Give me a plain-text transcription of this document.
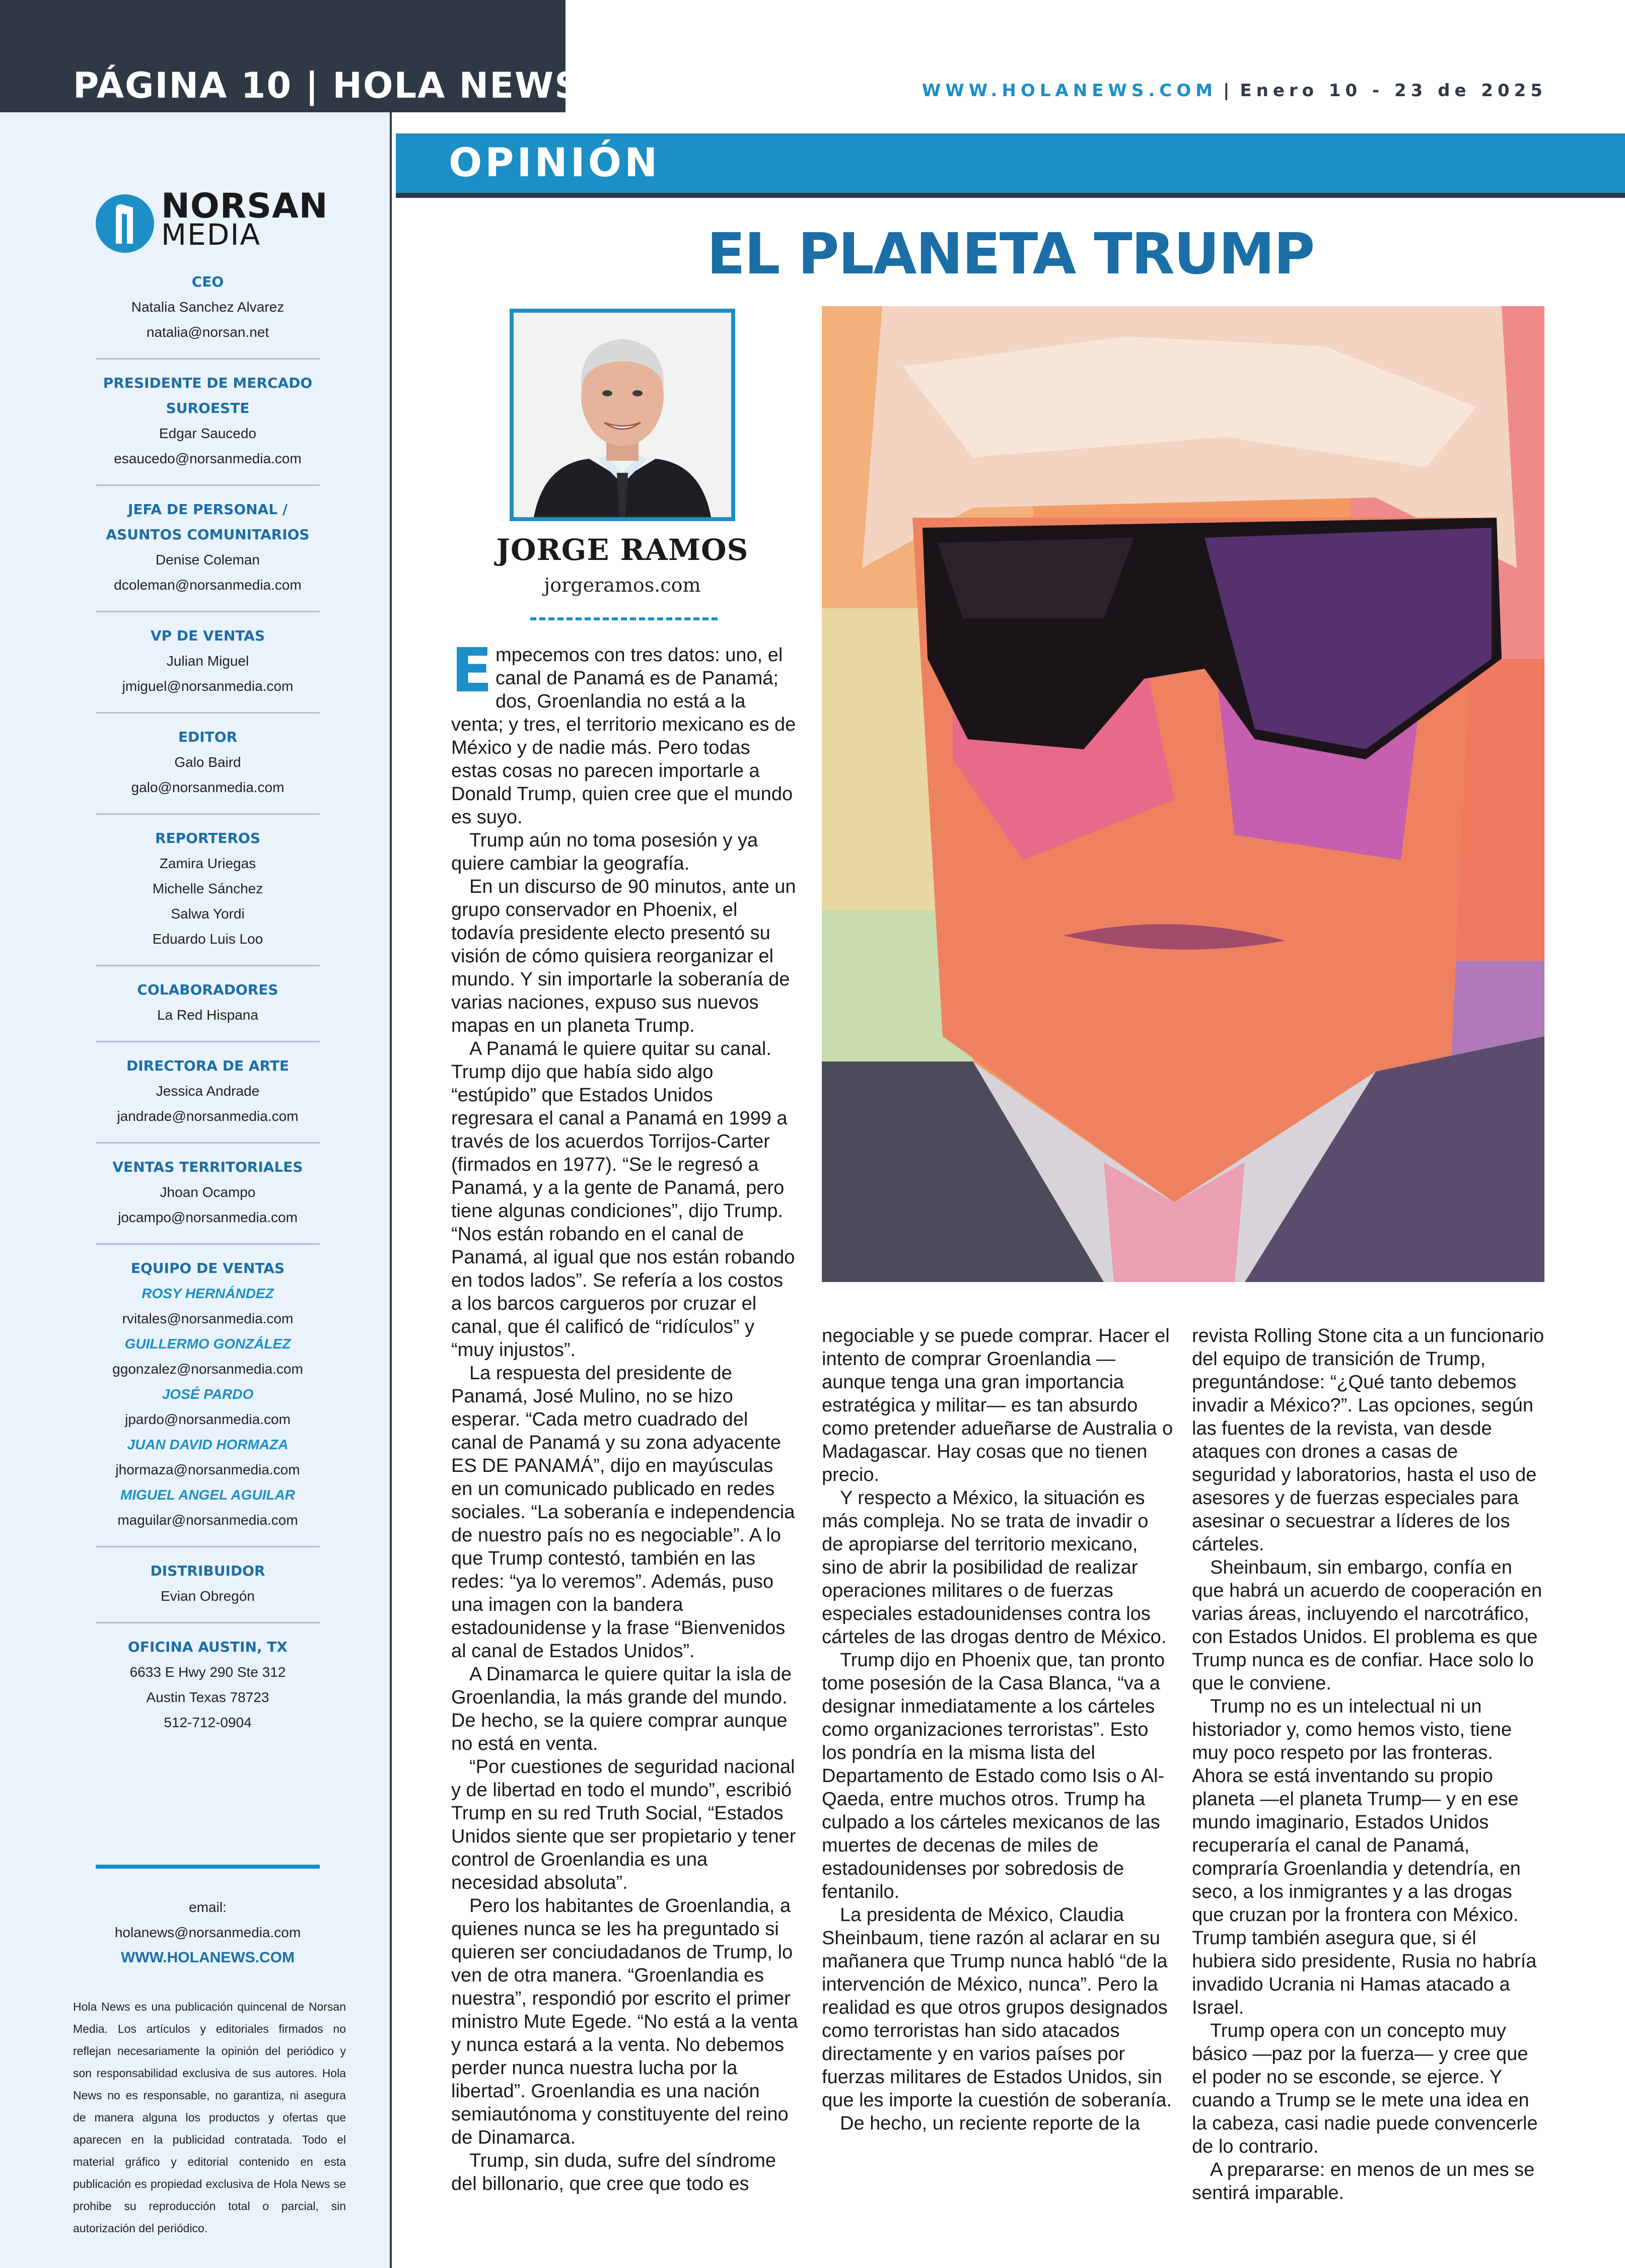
PÁGINA 10 | HOLA NEWS	WWW.HOLANEWS.COM | Enero 10 - 23 de 2025
NORSAN
MEDIA
CEO
Natalia Sanchez Alvarez
natalia@norsan.net
PRESIDENTE DE MERCADO SUROESTE
Edgar Saucedo
esaucedo@norsanmedia.com
JEFA DE PERSONAL / ASUNTOS COMUNITARIOS
Denise Coleman
dcoleman@norsanmedia.com
VP DE VENTAS
Julian Miguel
jmiguel@norsanmedia.com
EDITOR
Galo Baird
galo@norsanmedia.com
REPORTEROS
Zamira Uriegas
Michelle Sánchez
Salwa Yordi
Eduardo Luis Loo
COLABORADORES
La Red Hispana
DIRECTORA DE ARTE
Jessica Andrade
jandrade@norsanmedia.com
VENTAS TERRITORIALES
Jhoan Ocampo
jocampo@norsanmedia.com
EQUIPO DE VENTAS
ROSY HERNÁNDEZ
rvitales@norsanmedia.com
GUILLERMO GONZÁLEZ
ggonzalez@norsanmedia.com
JOSÉ PARDO
jpardo@norsanmedia.com
JUAN DAVID HORMAZA
jhormaza@norsanmedia.com
MIGUEL ANGEL AGUILAR
maguilar@norsanmedia.com
DISTRIBUIDOR
Evian Obregón
OFICINA AUSTIN, TX
6633 E Hwy 290 Ste 312
Austin Texas 78723
512-712-0904
email: holanews@norsanmedia.com
WWW.HOLANEWS.COM
Hola News es una publicación quincenal de Norsan Media. Los artículos y editoriales firmados no reflejan necesariamente la opinión del periódico y son responsabilidad exclusiva de sus autores. Hola News no es responsable, no garantiza, ni asegura de manera alguna los productos y ofertas que aparecen en la publicidad contratada. Todo el material gráfico y editorial contenido en esta publicación es propiedad exclusiva de Hola News se prohibe su reproducción total o parcial, sin autorización del periódico.
OPINIÓN
EL PLANETA TRUMP
JORGE RAMOS
jorgeramos.com

Empecemos con tres datos: uno, el canal de Panamá es de Panamá; dos, Groenlandia no está a la venta; y tres, el territorio mexicano es de México y de nadie más. Pero todas estas cosas no parecen importarle a Donald Trump, quien cree que el mundo es suyo.

Trump aún no toma posesión y ya quiere cambiar la geografía.

En un discurso de 90 minutos, ante un grupo conservador en Phoenix, el todavía presidente electo presentó su visión de cómo quisiera reorganizar el mundo. Y sin importarle la soberanía de varias naciones, expuso sus nuevos mapas en un planeta Trump.

A Panamá le quiere quitar su canal. Trump dijo que había sido algo “estúpido” que Estados Unidos regresara el canal a Panamá en 1999 a través de los acuerdos Torrijos-Carter (firmados en 1977). “Se le regresó a Panamá, y a la gente de Panamá, pero tiene algunas condiciones”, dijo Trump. “Nos están robando en el canal de Panamá, al igual que nos están robando en todos lados”. Se refería a los costos a los barcos cargueros por cruzar el canal, que él calificó de “ridículos” y “muy injustos”.

La respuesta del presidente de Panamá, José Mulino, no se hizo esperar. “Cada metro cuadrado del canal de Panamá y su zona adyacente ES DE PANAMÁ”, dijo en mayúsculas en un comunicado publicado en redes sociales. “La soberanía e independencia de nuestro país no es negociable”. A lo que Trump contestó, también en las redes: “ya lo veremos”. Además, puso una imagen con la bandera estadounidense y la frase “Bienvenidos al canal de Estados Unidos”.

A Dinamarca le quiere quitar la isla de Groenlandia, la más grande del mundo. De hecho, se la quiere comprar aunque no está en venta.

“Por cuestiones de seguridad nacional y de libertad en todo el mundo”, escribió Trump en su red Truth Social, “Estados Unidos siente que ser propietario y tener control de Groenlandia es una necesidad absoluta”.

Pero los habitantes de Groenlandia, a quienes nunca se les ha preguntado si quieren ser conciudadanos de Trump, lo ven de otra manera. “Groenlandia es nuestra”, respondió por escrito el primer ministro Mute Egede. “No está a la venta y nunca estará a la venta. No debemos perder nunca nuestra lucha por la libertad”. Groenlandia es una nación semiautónoma y constituyente del reino de Dinamarca.

Trump, sin duda, sufre del síndrome del billonario, que cree que todo es

negociable y se puede comprar. Hacer el intento de comprar Groenlandia — aunque tenga una gran importancia estratégica y militar— es tan absurdo como pretender adueñarse de Australia o Madagascar. Hay cosas que no tienen precio.

Y respecto a México, la situación es más compleja. No se trata de invadir o de apropiarse del territorio mexicano, sino de abrir la posibilidad de realizar operaciones militares o de fuerzas especiales estadounidenses contra los cárteles de las drogas dentro de México.

Trump dijo en Phoenix que, tan pronto tome posesión de la Casa Blanca, “va a designar inmediatamente a los cárteles como organizaciones terroristas”. Esto los pondría en la misma lista del Departamento de Estado como Isis o Al-Qaeda, entre muchos otros. Trump ha culpado a los cárteles mexicanos de las muertes de decenas de miles de estadounidenses por sobredosis de fentanilo.

La presidenta de México, Claudia Sheinbaum, tiene razón al aclarar en su mañanera que Trump nunca habló “de la intervención de México, nunca”. Pero la realidad es que otros grupos designados como terroristas han sido atacados directamente y en varios países por fuerzas militares de Estados Unidos, sin que les importe la cuestión de soberanía.

De hecho, un reciente reporte de la

revista Rolling Stone cita a un funcionario del equipo de transición de Trump, preguntándose: “¿Qué tanto debemos invadir a México?”. Las opciones, según las fuentes de la revista, van desde ataques con drones a casas de seguridad y laboratorios, hasta el uso de asesores y de fuerzas especiales para asesinar o secuestrar a líderes de los cárteles.

Sheinbaum, sin embargo, confía en que habrá un acuerdo de cooperación en varias áreas, incluyendo el narcotráfico, con Estados Unidos. El problema es que Trump nunca es de confiar. Hace solo lo que le conviene.

Trump no es un intelectual ni un historiador y, como hemos visto, tiene muy poco respeto por las fronteras. Ahora se está inventando su propio planeta —el planeta Trump— y en ese mundo imaginario, Estados Unidos recuperaría el canal de Panamá, compraría Groenlandia y detendría, en seco, a los inmigrantes y a las drogas que cruzan por la frontera con México. Trump también asegura que, si él hubiera sido presidente, Rusia no habría invadido Ucrania ni Hamas atacado a Israel.

Trump opera con un concepto muy básico —paz por la fuerza— y cree que el poder no se esconde, se ejerce. Y cuando a Trump se le mete una idea en la cabeza, casi nadie puede convencerle de lo contrario.

A prepararse: en menos de un mes se sentirá imparable.
